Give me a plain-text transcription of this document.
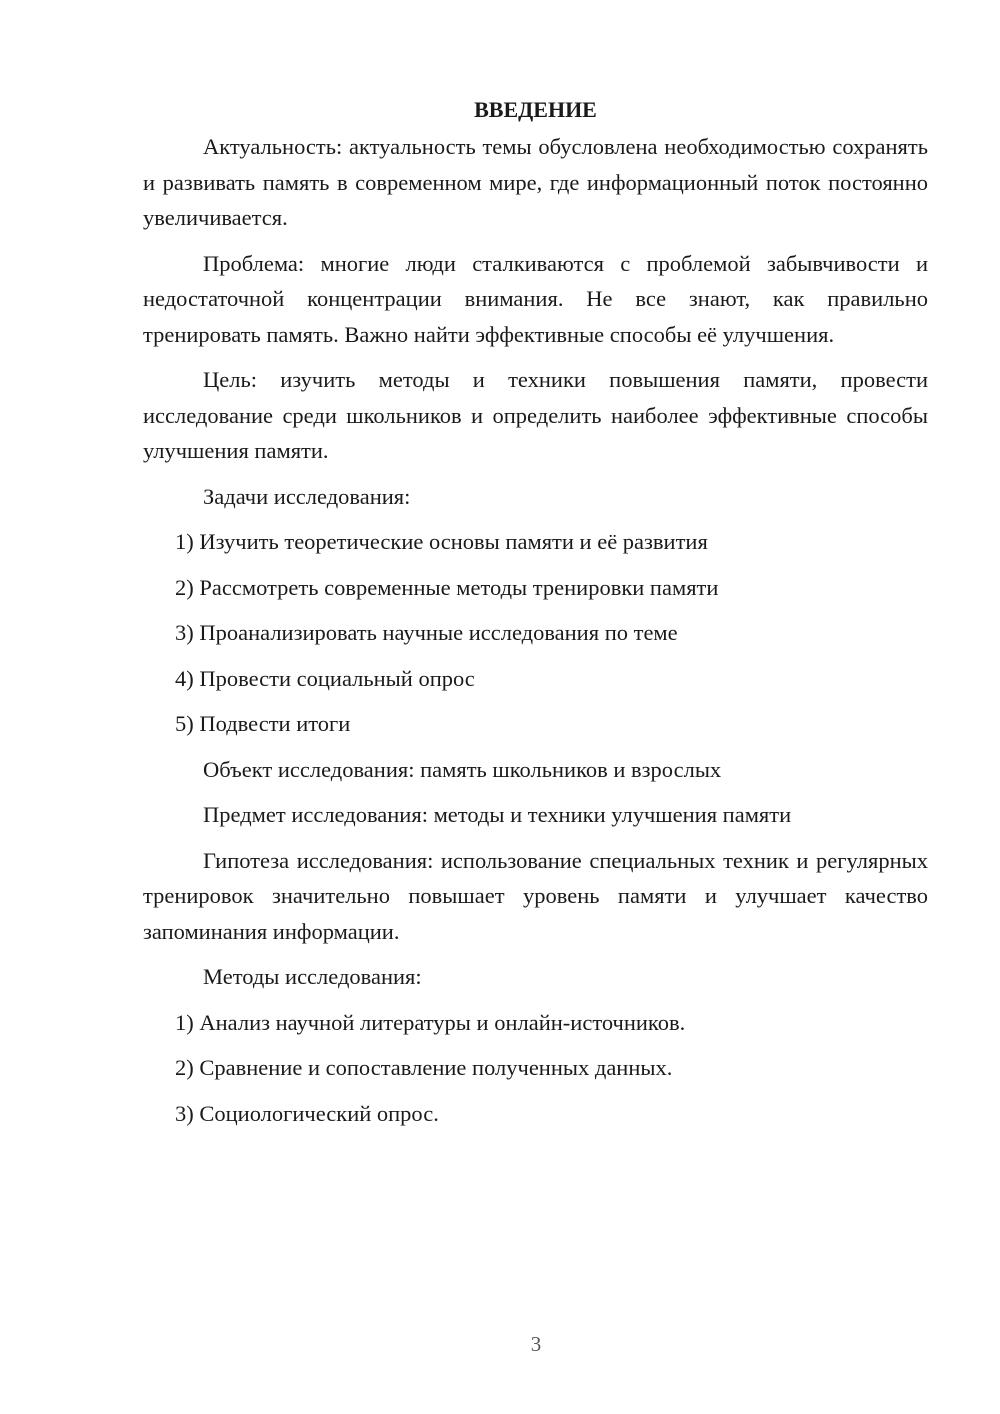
ВВЕДЕНИЕ
Актуальность: актуальность темы обусловлена необходимостью сохранять и развивать память в современном мире, где информационный поток постоянно увеличивается.
Проблема: многие люди сталкиваются с проблемой забывчивости и недостаточной концентрации внимания. Не все знают, как правильно тренировать память. Важно найти эффективные способы её улучшения.
Цель: изучить методы и техники повышения памяти, провести исследование среди школьников и определить наиболее эффективные способы улучшения памяти.
Задачи исследования:
1) Изучить теоретические основы памяти и её развития
2) Рассмотреть современные методы тренировки памяти
3) Проанализировать научные исследования по теме
4) Провести социальный опрос
5) Подвести итоги
Объект исследования: память школьников и взрослых
Предмет исследования: методы и техники улучшения памяти
Гипотеза исследования: использование специальных техник и регулярных тренировок значительно повышает уровень памяти и улучшает качество запоминания информации.
Методы исследования:
1) Анализ научной литературы и онлайн-источников.
2) Сравнение и сопоставление полученных данных.
3) Социологический опрос.
3
